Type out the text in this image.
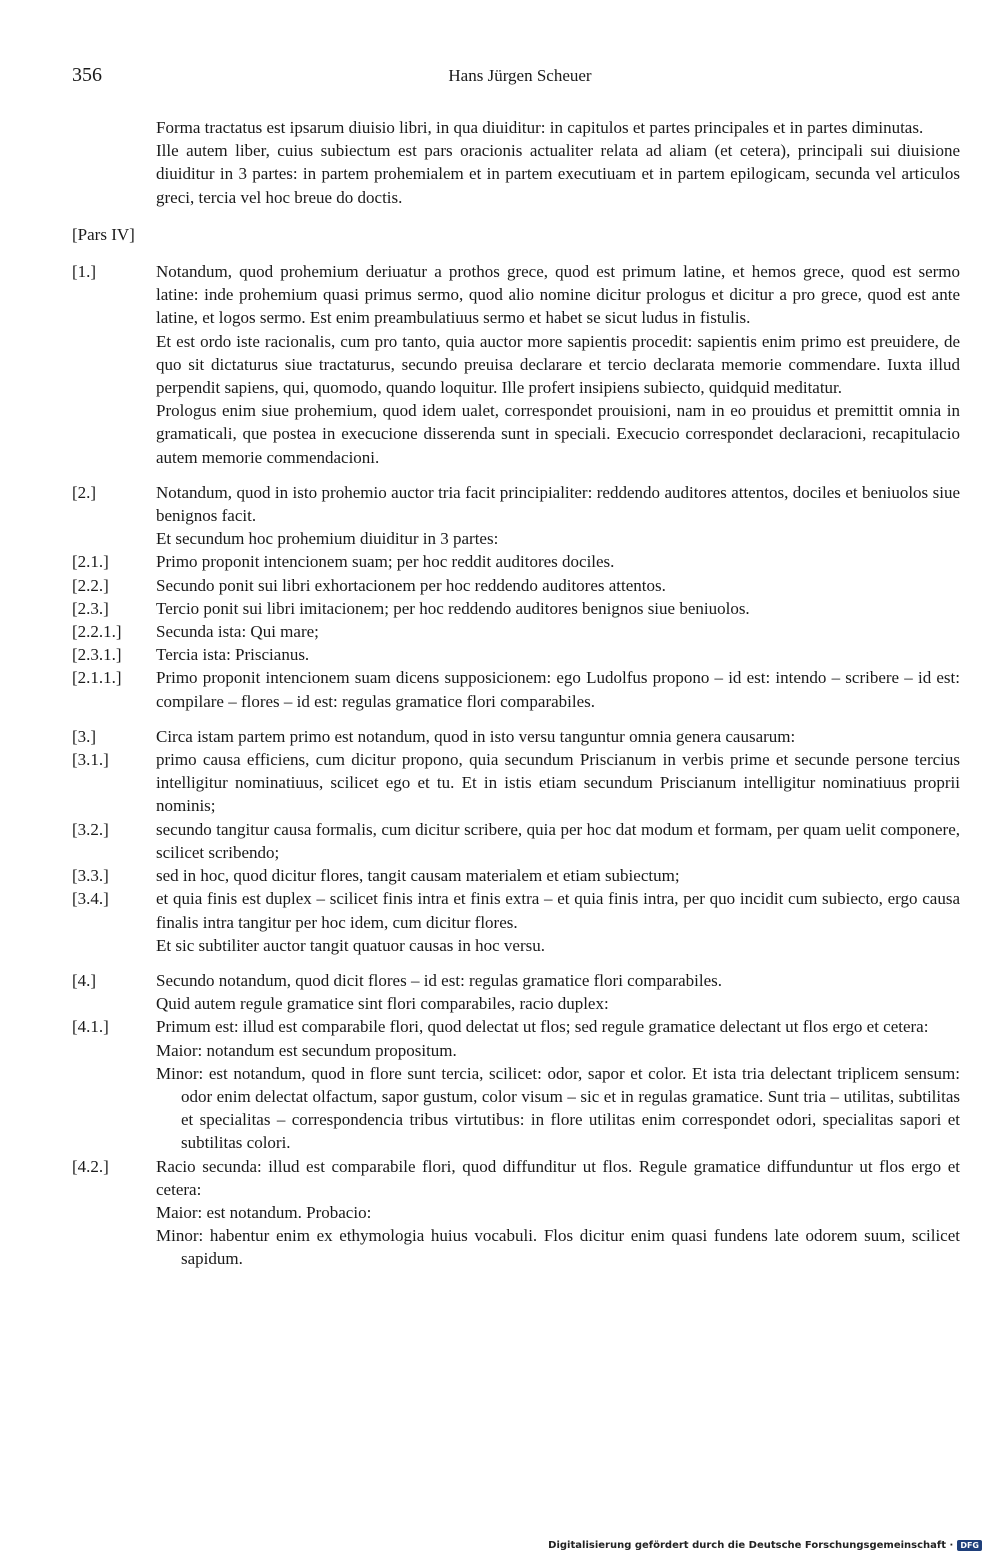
356	Hans Jürgen Scheuer
Forma tractatus est ipsarum diuisio libri, in qua diuiditur: in capitulos et partes principales et in partes diminutas.
Ille autem liber, cuius subiectum est pars oracionis actualiter relata ad aliam (et cetera), principali sui diuisione diuiditur in 3 partes: in partem prohemialem et in partem executiuam et in partem epilogicam, secunda vel articulos greci, tercia vel hoc breue do doctis.
[Pars IV]
[1.]	Notandum, quod prohemium deriuatur a prothos grece, quod est primum latine, et hemos grece, quod est sermo latine: inde prohemium quasi primus sermo, quod alio nomine dicitur prologus et dicitur a pro grece, quod est ante latine, et logos sermo. Est enim preambulatiuus sermo et habet se sicut ludus in fistulis.
Et est ordo iste racionalis, cum pro tanto, quia auctor more sapientis procedit: sapientis enim primo est preuidere, de quo sit dictaturus siue tractaturus, secundo preuisa declarare et tercio declarata memorie commendare. Iuxta illud perpendit sapiens, qui, quomodo, quando loquitur. Ille profert insipiens subiecto, quidquid meditatur.
Prologus enim siue prohemium, quod idem ualet, correspondet prouisioni, nam in eo prouidus et premittit omnia in gramaticali, que postea in execucione disserenda sunt in speciali. Execucio correspondet declaracioni, recapitulacio autem memorie commendacioni.
[2.]	Notandum, quod in isto prohemio auctor tria facit principialiter: reddendo auditores attentos, dociles et beniuolos siue benignos facit.
Et secundum hoc prohemium diuiditur in 3 partes:
[2.1.]	Primo proponit intencionem suam; per hoc reddit auditores dociles.
[2.2.]	Secundo ponit sui libri exhortacionem per hoc reddendo auditores attentos.
[2.3.]	Tercio ponit sui libri imitacionem; per hoc reddendo auditores benignos siue beniuolos.
[2.2.1.]	Secunda ista: Qui mare;
[2.3.1.]	Tercia ista: Priscianus.
[2.1.1.]	Primo proponit intencionem suam dicens supposicionem: ego Ludolfus propono – id est: intendo – scribere – id est: compilare – flores – id est: regulas gramatice flori comparabiles.
[3.]	Circa istam partem primo est notandum, quod in isto versu tanguntur omnia genera causarum:
[3.1.]	primo causa efficiens, cum dicitur propono, quia secundum Priscianum in verbis prime et secunde persone tercius intelligitur nominatiuus, scilicet ego et tu. Et in istis etiam secundum Priscianum intelligitur nominatiuus proprii nominis;
[3.2.]	secundo tangitur causa formalis, cum dicitur scribere, quia per hoc dat modum et formam, per quam uelit componere, scilicet scribendo;
[3.3.]	sed in hoc, quod dicitur flores, tangit causam materialem et etiam subiectum;
[3.4.]	et quia finis est duplex – scilicet finis intra et finis extra – et quia finis intra, per quo incidit cum subiecto, ergo causa finalis intra tangitur per hoc idem, cum dicitur flores.
Et sic subtiliter auctor tangit quatuor causas in hoc versu.
[4.]	Secundo notandum, quod dicit flores – id est: regulas gramatice flori comparabiles.
Quid autem regule gramatice sint flori comparabiles, racio duplex:
[4.1.]	Primum est: illud est comparabile flori, quod delectat ut flos; sed regule gramatice delectant ut flos ergo et cetera:
Maior: notandum est secundum propositum.
Minor: est notandum, quod in flore sunt tercia, scilicet: odor, sapor et color. Et ista tria delectant triplicem sensum: odor enim delectat olfactum, sapor gustum, color visum – sic et in regulas gramatice. Sunt tria – utilitas, subtilitas et specialitas – correspondencia tribus virtutibus: in flore utilitas enim correspondet odori, specialitas sapori et subtilitas colori.
[4.2.]	Racio secunda: illud est comparabile flori, quod diffunditur ut flos. Regule gramatice diffunduntur ut flos ergo et cetera:
Maior: est notandum. Probacio:
Minor: habentur enim ex ethymologia huius vocabuli. Flos dicitur enim quasi fundens late odorem suum, scilicet sapidum.
Digitalisierung gefördert durch die Deutsche Forschungsgemeinschaft · DFG
